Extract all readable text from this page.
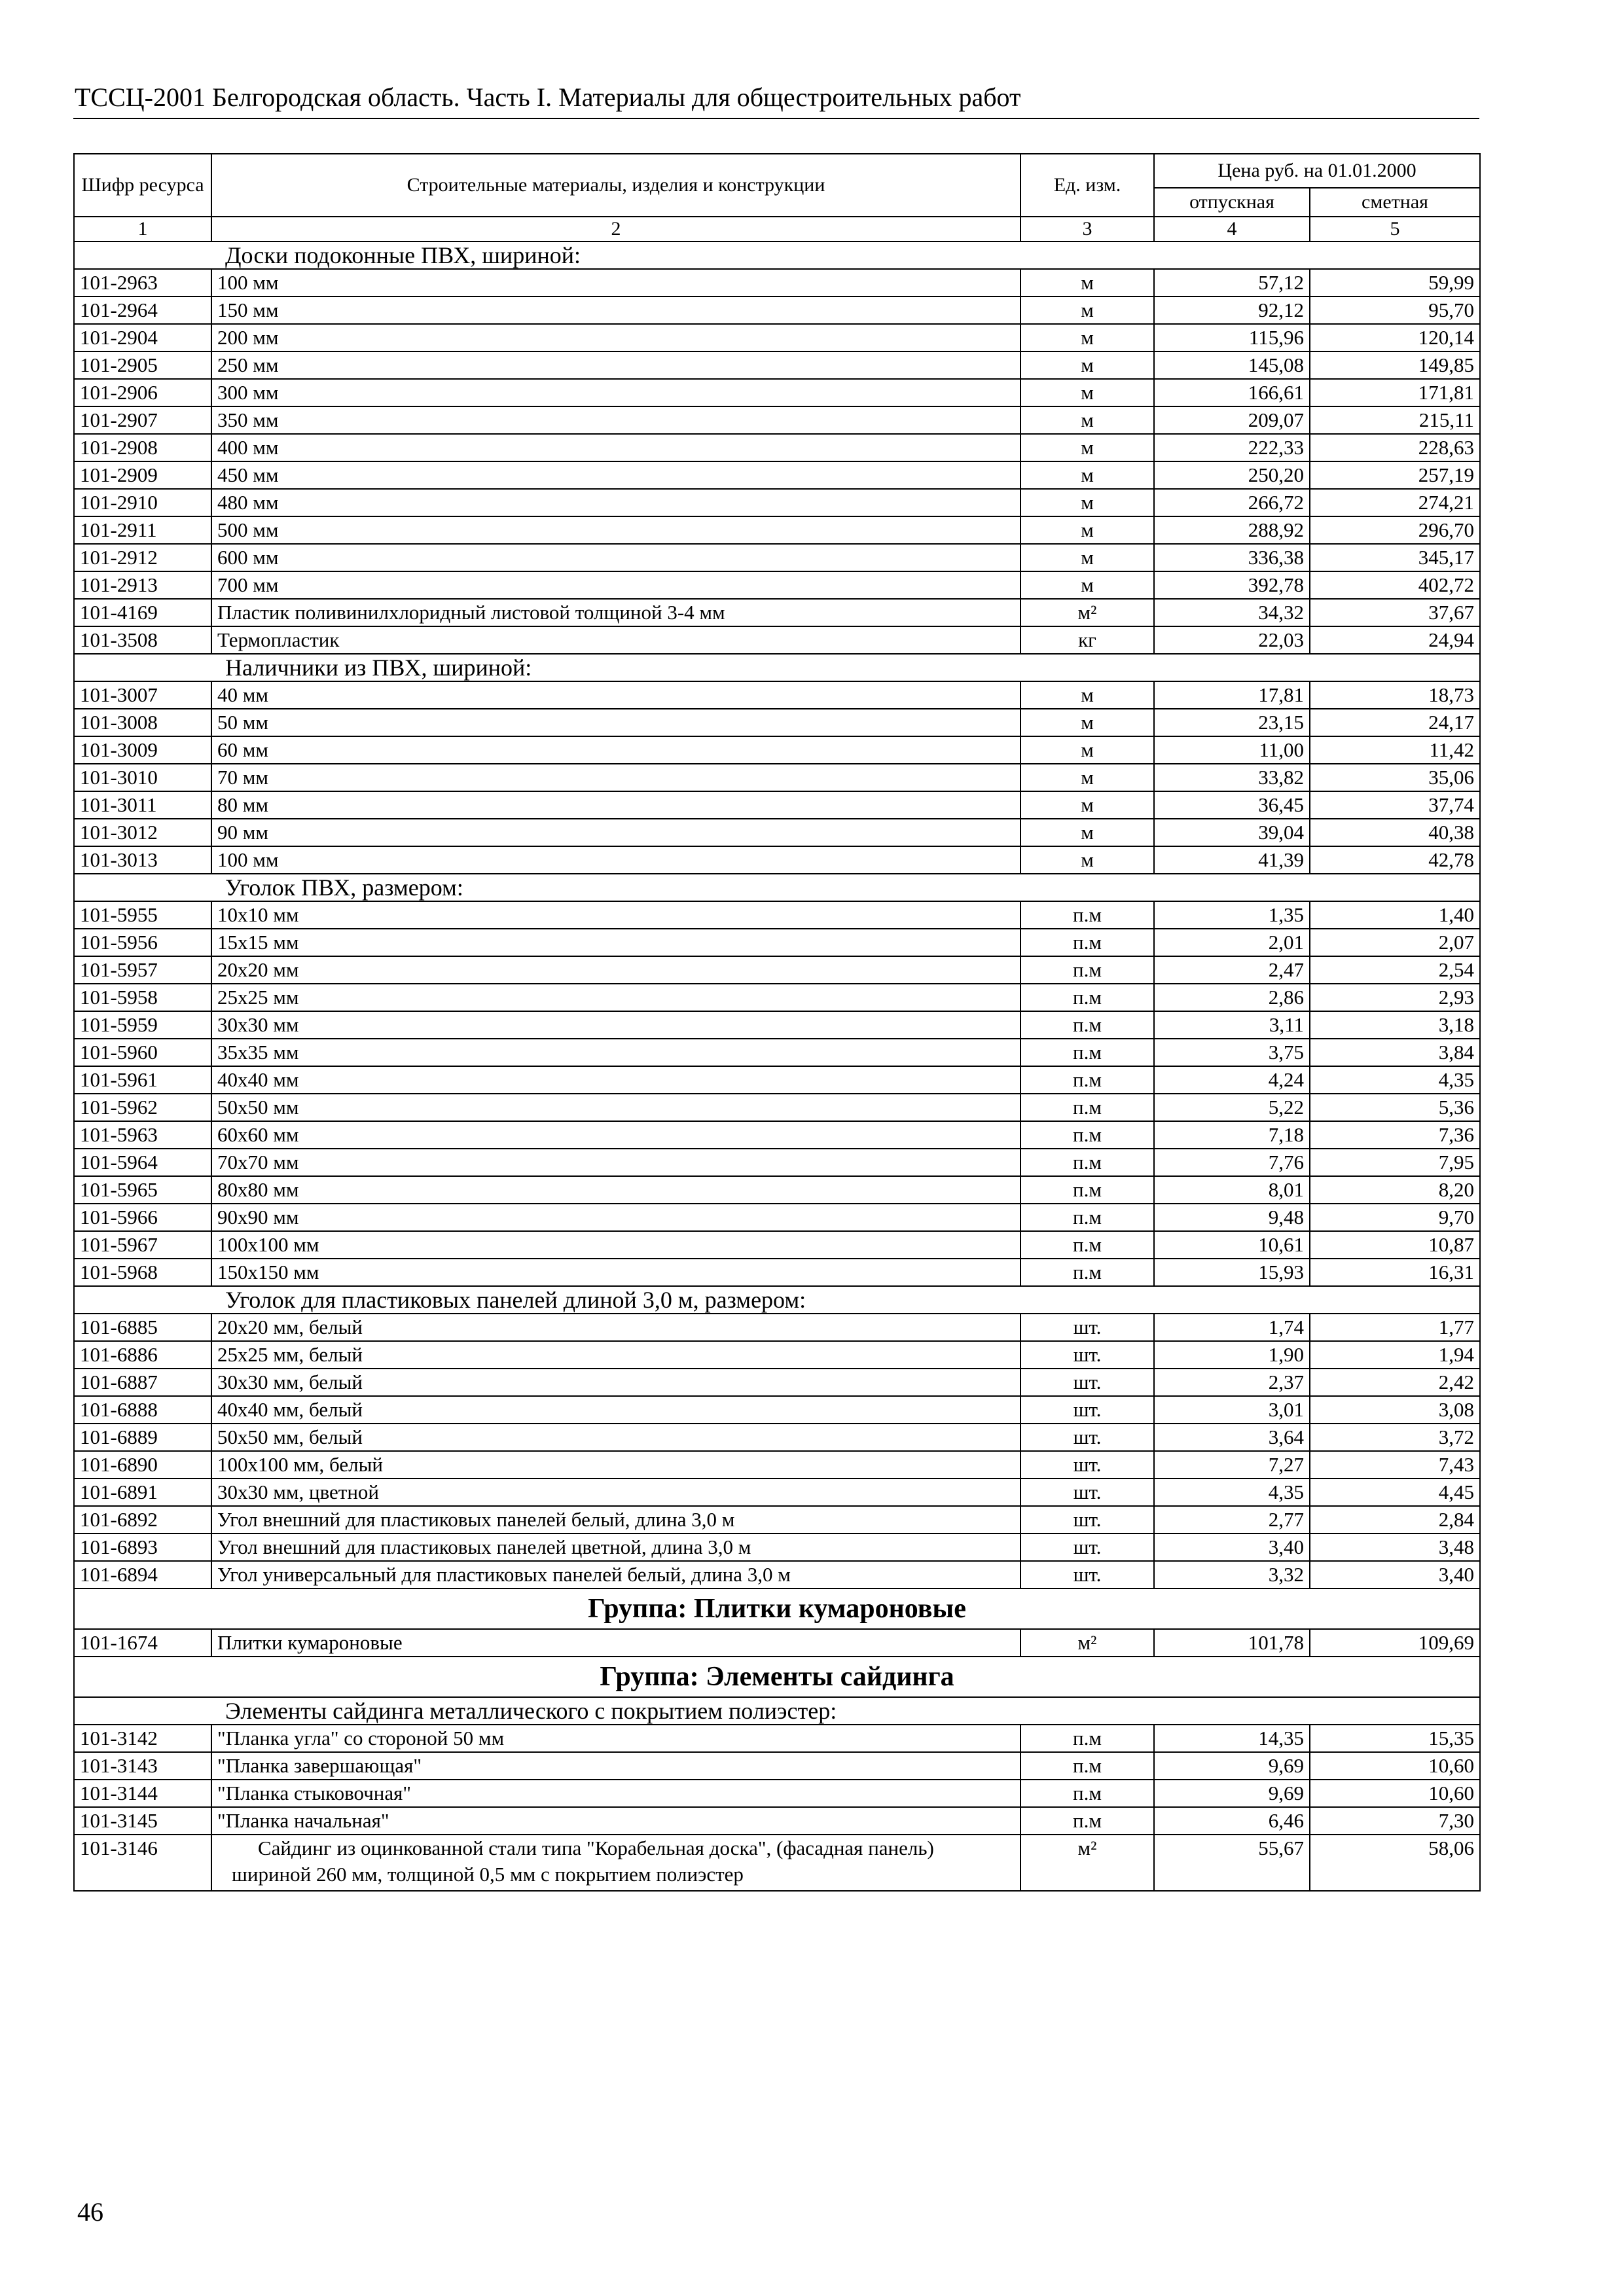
ТССЦ-2001 Белгородская область. Часть I. Материалы для общестроительных работ
Шифр ресурса	Строительные материалы, изделия и конструкции	Ед. изм.	Цена руб. на 01.01.2000	
			отпускная	сметная
1	2	3	4	5
Доски подоконные ПВХ, шириной:				
101-2963	100 мм	м	57,12	59,99
101-2964	150 мм	м	92,12	95,70
101-2904	200 мм	м	115,96	120,14
101-2905	250 мм	м	145,08	149,85
101-2906	300 мм	м	166,61	171,81
101-2907	350 мм	м	209,07	215,11
101-2908	400 мм	м	222,33	228,63
101-2909	450 мм	м	250,20	257,19
101-2910	480 мм	м	266,72	274,21
101-2911	500 мм	м	288,92	296,70
101-2912	600 мм	м	336,38	345,17
101-2913	700 мм	м	392,78	402,72
101-4169	Пластик поливинилхлоридный листовой толщиной 3-4 мм	м²	34,32	37,67
101-3508	Термопластик	кг	22,03	24,94
Наличники из ПВХ, шириной:				
101-3007	40 мм	м	17,81	18,73
101-3008	50 мм	м	23,15	24,17
101-3009	60 мм	м	11,00	11,42
101-3010	70 мм	м	33,82	35,06
101-3011	80 мм	м	36,45	37,74
101-3012	90 мм	м	39,04	40,38
101-3013	100 мм	м	41,39	42,78
Уголок ПВХ, размером:				
101-5955	10х10 мм	п.м	1,35	1,40
101-5956	15х15 мм	п.м	2,01	2,07
101-5957	20х20 мм	п.м	2,47	2,54
101-5958	25х25 мм	п.м	2,86	2,93
101-5959	30х30 мм	п.м	3,11	3,18
101-5960	35х35 мм	п.м	3,75	3,84
101-5961	40х40 мм	п.м	4,24	4,35
101-5962	50х50 мм	п.м	5,22	5,36
101-5963	60х60 мм	п.м	7,18	7,36
101-5964	70х70 мм	п.м	7,76	7,95
101-5965	80х80 мм	п.м	8,01	8,20
101-5966	90х90 мм	п.м	9,48	9,70
101-5967	100х100 мм	п.м	10,61	10,87
101-5968	150х150 мм	п.м	15,93	16,31
Уголок для пластиковых панелей длиной 3,0 м, размером:				
101-6885	20х20 мм, белый	шт.	1,74	1,77
101-6886	25х25 мм, белый	шт.	1,90	1,94
101-6887	30х30 мм, белый	шт.	2,37	2,42
101-6888	40х40 мм, белый	шт.	3,01	3,08
101-6889	50х50 мм, белый	шт.	3,64	3,72
101-6890	100х100 мм, белый	шт.	7,27	7,43
101-6891	30х30 мм, цветной	шт.	4,35	4,45
101-6892	Угол внешний для пластиковых панелей белый, длина 3,0 м	шт.	2,77	2,84
101-6893	Угол внешний для пластиковых панелей цветной, длина 3,0 м	шт.	3,40	3,48
101-6894	Угол универсальный для пластиковых панелей белый, длина 3,0 м	шт.	3,32	3,40
Группа: Плитки кумароновые				
101-1674	Плитки кумароновые	м²	101,78	109,69
Группа: Элементы сайдинга				
Элементы сайдинга металлического с покрытием полиэстер:				
101-3142	"Планка угла" со стороной 50 мм	п.м	14,35	15,35
101-3143	"Планка завершающая"	п.м	9,69	10,60
101-3144	"Планка стыковочная"	п.м	9,69	10,60
101-3145	"Планка начальная"	п.м	6,46	7,30
101-3146	Сайдинг из оцинкованной стали типа "Корабельная доска", (фасадная панель) шириной 260 мм, толщиной 0,5 мм с покрытием полиэстер	м²	55,67	58,06
46
